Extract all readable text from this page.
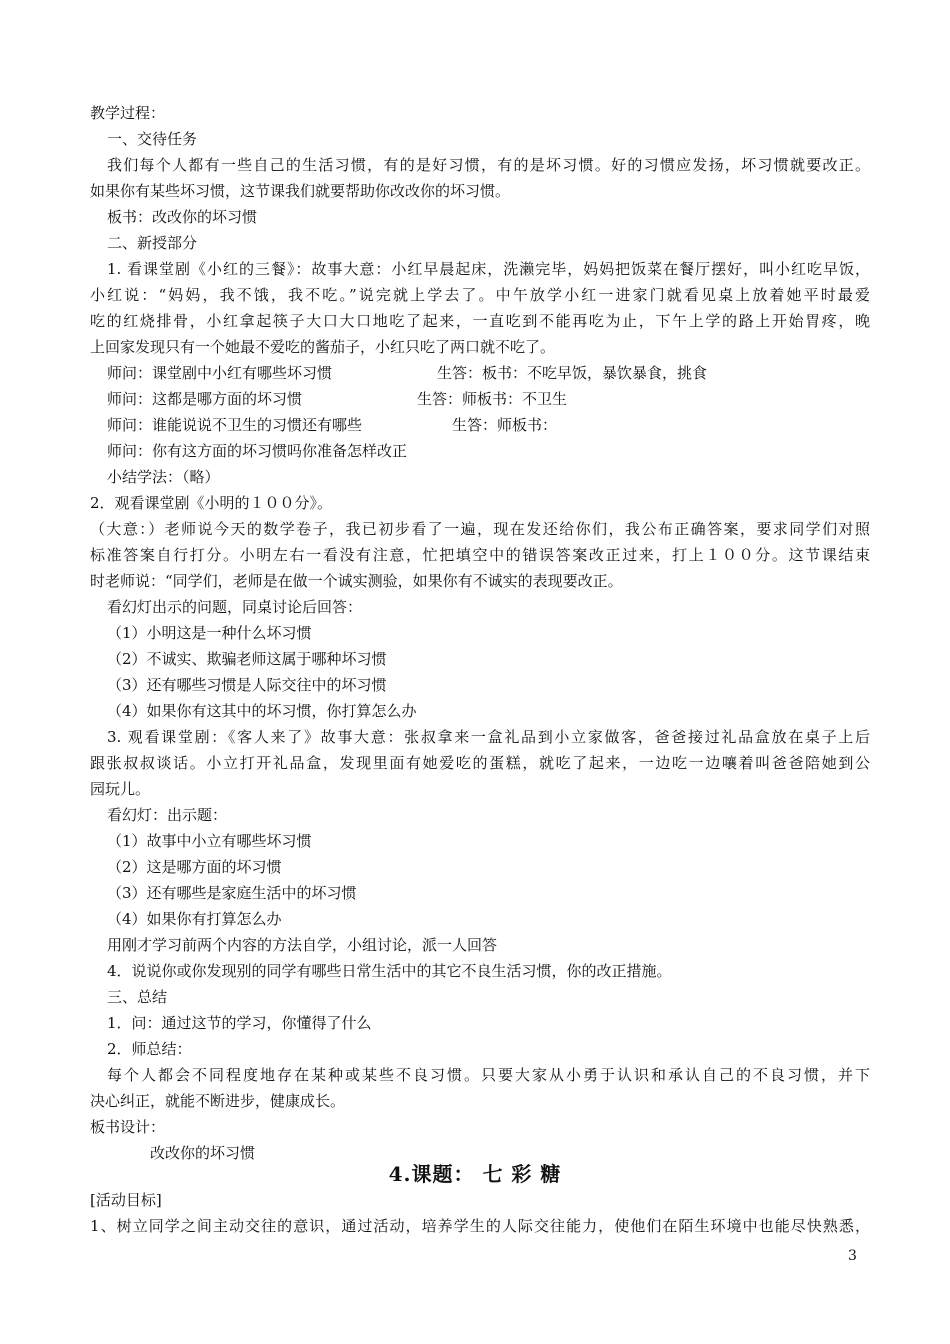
教学过程：
一、交待任务
我们每个人都有一些自己的生活习惯，有的是好习惯，有的是坏习惯。好的习惯应发扬，坏习惯就要改正。
如果你有某些坏习惯，这节课我们就要帮助你改改你的坏习惯。
板书：改改你的坏习惯
二、新授部分
1. 看课堂剧《小红的三餐》：故事大意：小红早晨起床，洗濑完毕，妈妈把饭菜在餐厅摆好，叫小红吃早饭，
小红说：“妈妈，我不饿，我不吃。”说完就上学去了。中午放学小红一进家门就看见桌上放着她平时最爱
吃的红烧排骨，小红拿起筷子大口大口地吃了起来，一直吃到不能再吃为止，下午上学的路上开始胃疼，晚
上回家发现只有一个她最不爱吃的酱茄子，小红只吃了两口就不吃了。
师问：课堂剧中小红有哪些坏习惯	生答：板书：不吃早饭，暴饮暴食，挑食
师问：这都是哪方面的坏习惯	生答：师板书：不卫生
师问：谁能说说不卫生的习惯还有哪些	生答：师板书：
师问：你有这方面的坏习惯吗你准备怎样改正
小结学法：（略）
2．观看课堂剧《小明的１００分》。
（大意：）老师说今天的数学卷子，我已初步看了一遍，现在发还给你们，我公布正确答案，要求同学们对照
标准答案自行打分。小明左右一看没有注意，忙把填空中的错误答案改正过来，打上１００分。这节课结束
时老师说：“同学们，老师是在做一个诚实测验，如果你有不诚实的表现要改正。
看幻灯出示的问题，同桌讨论后回答：
（1）小明这是一种什么坏习惯
（2）不诚实、欺骗老师这属于哪种坏习惯
（3）还有哪些习惯是人际交往中的坏习惯
（4）如果你有这其中的坏习惯，你打算怎么办
3. 观看课堂剧：《客人来了》故事大意：张叔拿来一盒礼品到小立家做客，爸爸接过礼品盒放在桌子上后
跟张叔叔谈话。小立打开礼品盒，发现里面有她爱吃的蛋糕，就吃了起来，一边吃一边嚷着叫爸爸陪她到公
园玩儿。
看幻灯：出示题：
（1）故事中小立有哪些坏习惯
（2）这是哪方面的坏习惯
（3）还有哪些是家庭生活中的坏习惯
（4）如果你有打算怎么办
用刚才学习前两个内容的方法自学，小组讨论，派一人回答
4．说说你或你发现别的同学有哪些日常生活中的其它不良生活习惯，你的改正措施。
三、总结
1．问：通过这节的学习，你懂得了什么
2．师总结：
每个人都会不同程度地存在某种或某些不良习惯。只要大家从小勇于认识和承认自己的不良习惯，并下
决心纠正，就能不断进步，健康成长。
板书设计：
改改你的坏习惯
4.课题： 七 彩 糖
[活动目标]
1、树立同学之间主动交往的意识，通过活动，培养学生的人际交往能力，使他们在陌生环境中也能尽快熟悉，
3
